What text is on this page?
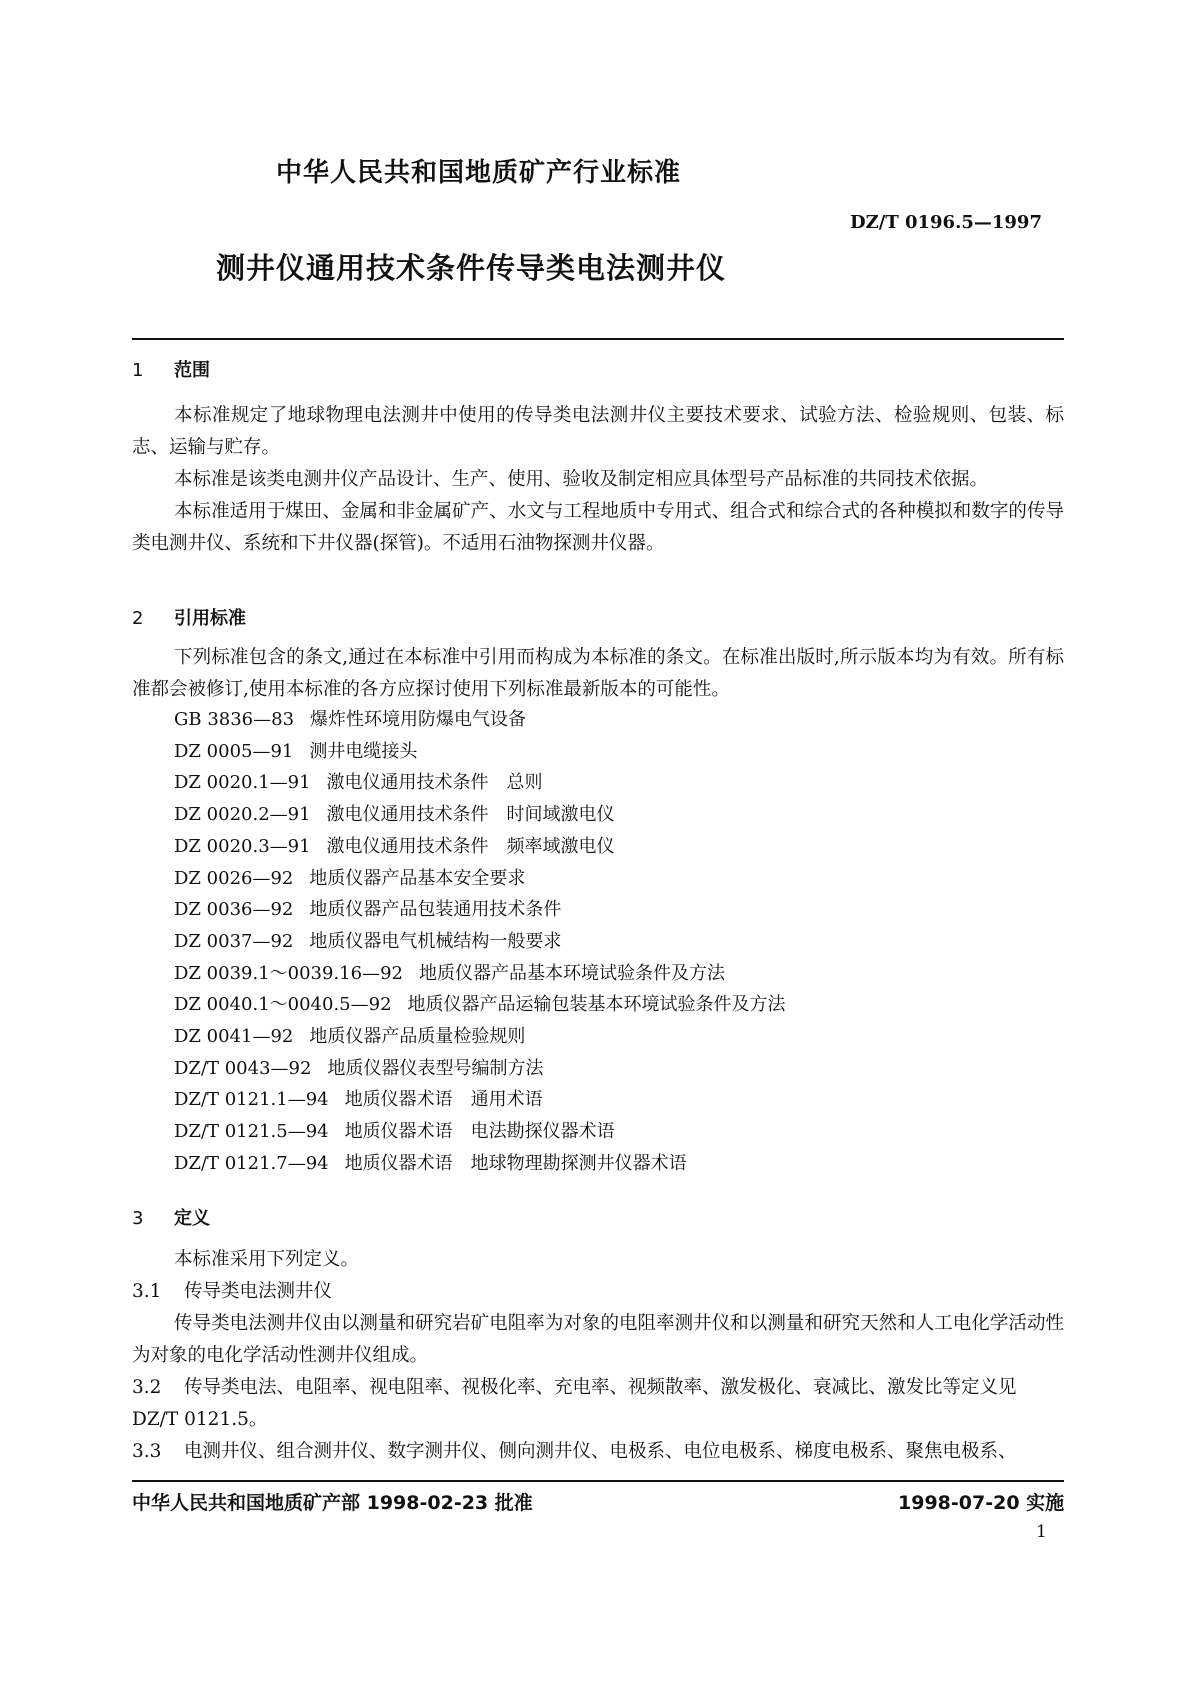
中华人民共和国地质矿产行业标准
DZ/T 0196.5—1997
测井仪通用技术条件传导类电法测井仪
1 范围
本标准规定了地球物理电法测井中使用的传导类电法测井仪主要技术要求、试验方法、检验规则、包装、标志、运输与贮存。
本标准是该类电测井仪产品设计、生产、使用、验收及制定相应具体型号产品标准的共同技术依据。
本标准适用于煤田、金属和非金属矿产、水文与工程地质中专用式、组合式和综合式的各种模拟和数字的传导类电测井仪、系统和下井仪器(探管)。不适用石油物探测井仪器。
2 引用标准
下列标准包含的条文,通过在本标准中引用而构成为本标准的条文。在标准出版时,所示版本均为有效。所有标准都会被修订,使用本标准的各方应探讨使用下列标准最新版本的可能性。
GB 3836—83 爆炸性环境用防爆电气设备
DZ 0005—91 测井电缆接头
DZ 0020.1—91 激电仪通用技术条件　总则
DZ 0020.2—91 激电仪通用技术条件　时间域激电仪
DZ 0020.3—91 激电仪通用技术条件　频率域激电仪
DZ 0026—92 地质仪器产品基本安全要求
DZ 0036—92 地质仪器产品包装通用技术条件
DZ 0037—92 地质仪器电气机械结构一般要求
DZ 0039.1～0039.16—92 地质仪器产品基本环境试验条件及方法
DZ 0040.1～0040.5—92 地质仪器产品运输包装基本环境试验条件及方法
DZ 0041—92 地质仪器产品质量检验规则
DZ/T 0043—92 地质仪器仪表型号编制方法
DZ/T 0121.1—94 地质仪器术语　通用术语
DZ/T 0121.5—94 地质仪器术语　电法勘探仪器术语
DZ/T 0121.7—94 地质仪器术语　地球物理勘探测井仪器术语
3 定义
本标准采用下列定义。
3.1 传导类电法测井仪
传导类电法测井仪由以测量和研究岩矿电阻率为对象的电阻率测井仪和以测量和研究天然和人工电化学活动性为对象的电化学活动性测井仪组成。
3.2 传导类电法、电阻率、视电阻率、视极化率、充电率、视频散率、激发极化、衰减比、激发比等定义见
DZ/T 0121.5。
3.3 电测井仪、组合测井仪、数字测井仪、侧向测井仪、电极系、电位电极系、梯度电极系、聚焦电极系、
中华人民共和国地质矿产部 1998-02-23 批准	1998-07-20 实施
1
